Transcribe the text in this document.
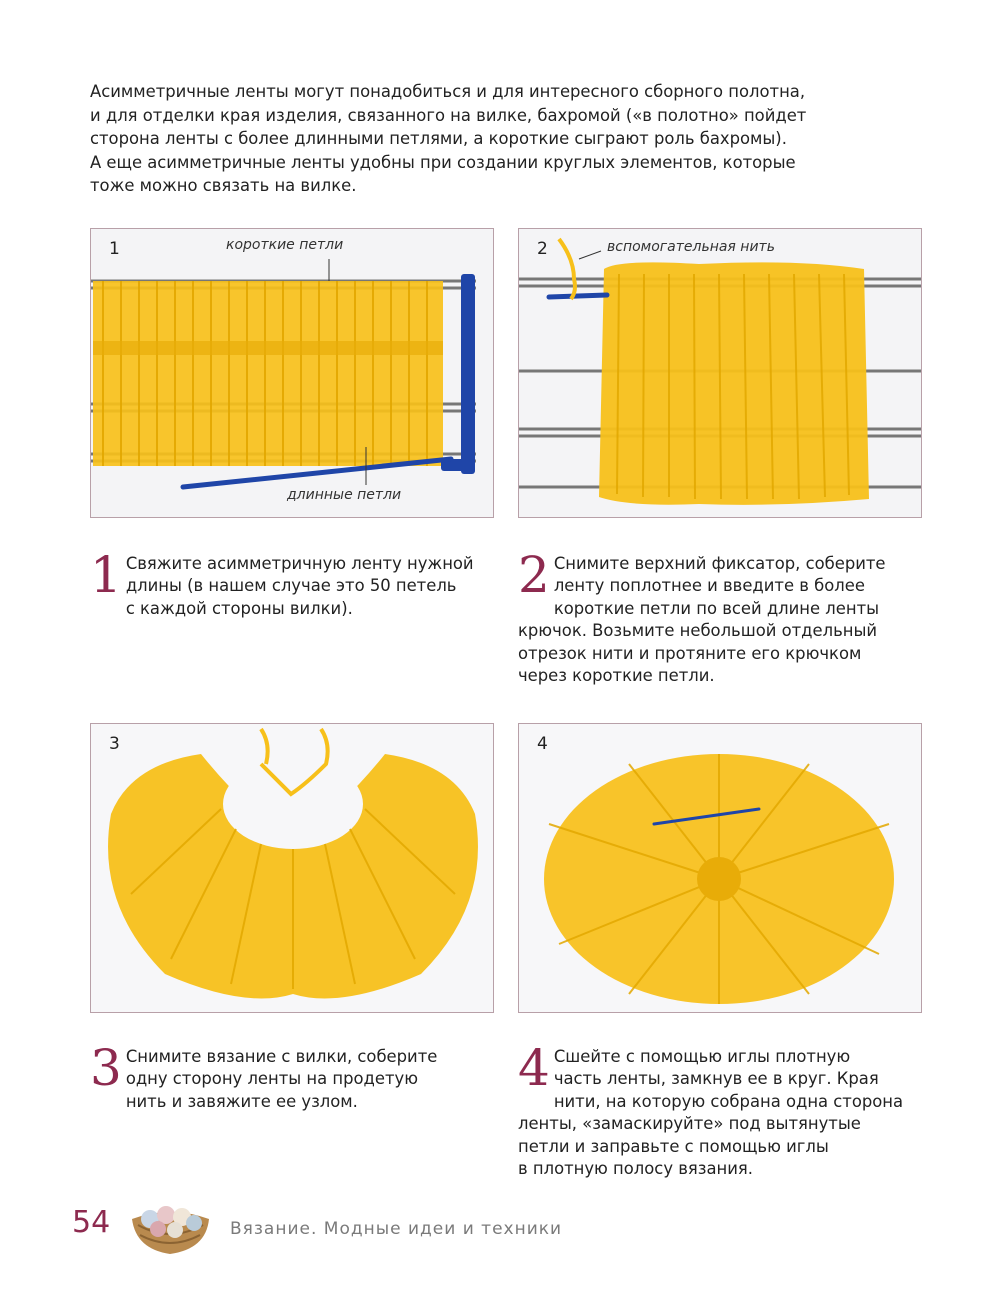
Асимметричные ленты могут понадобиться и для интересного сборного полотна,
и для отделки края изделия, связанного на вилке, бахромой («в полотно» пойдет
сторона ленты с более длинными петлями, а короткие сыграют роль бахромы).
А еще асимметричные ленты удобны при создании круглых элементов, которые
тоже можно связать на вилке.

1	короткие петли
длинные петли
2	вспомогательная нить
3	4
1 Свяжите асимметричную ленту нужной
длины (в нашем случае это 50 петель
с каждой стороны вилки).
2 Снимите верхний фиксатор, соберите
ленту поплотнее и введите в более
короткие петли по всей длине ленты
крючок. Возьмите небольшой отдельный
отрезок нити и протяните его крючком
через короткие петли.
3 Снимите вязание с вилки, соберите
одну сторону ленты на продетую
нить и завяжите ее узлом.
4 Сшейте с помощью иглы плотную
часть ленты, замкнув ее в круг. Края
нити, на которую собрана одна сторона
ленты, «замаскируйте» под вытянутые
петли и заправьте с помощью иглы
в плотную полосу вязания.
54	Вязание. Модные идеи и техники
